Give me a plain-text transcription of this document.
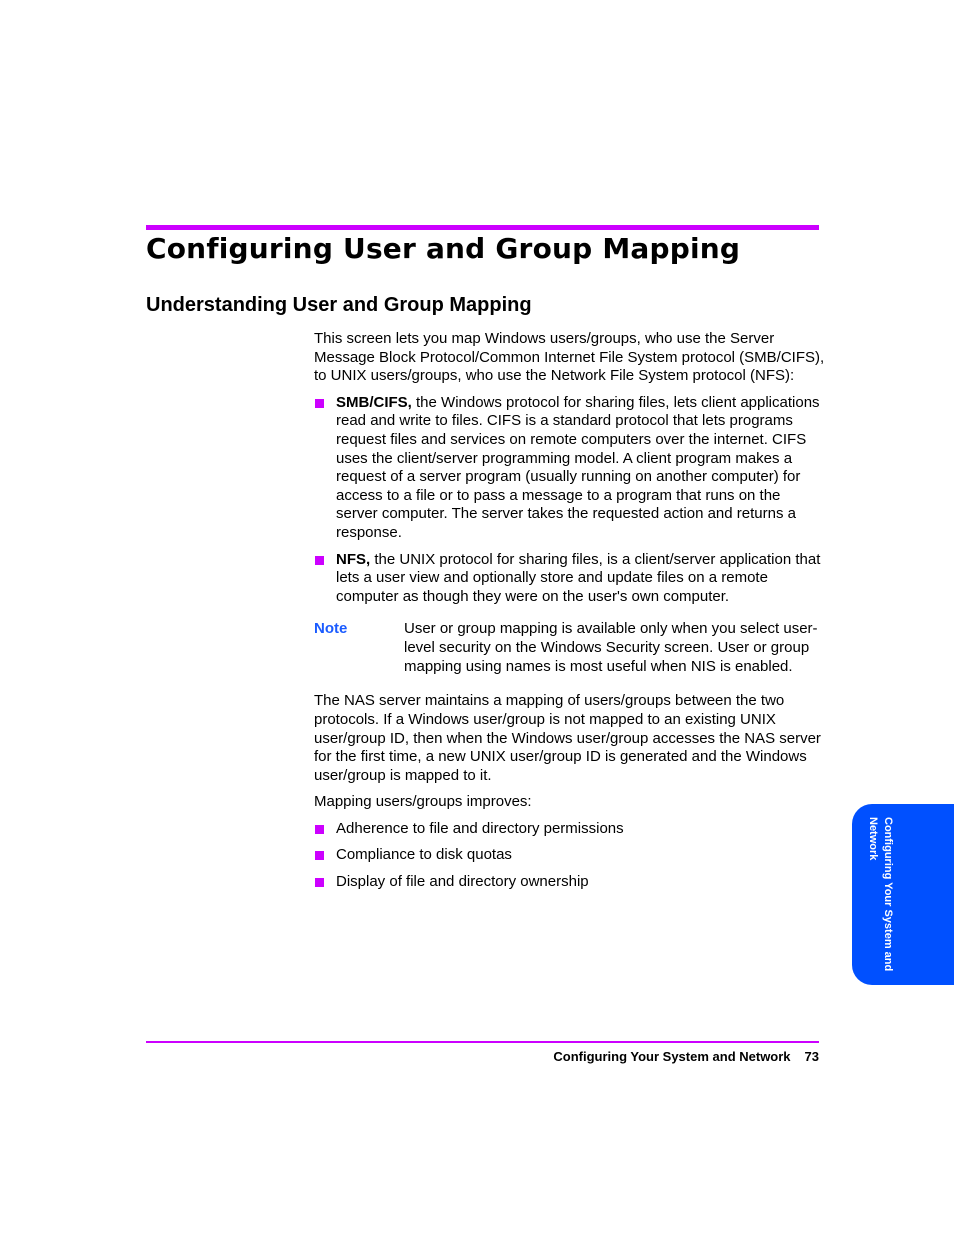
Configuring User and Group Mapping
Understanding User and Group Mapping

This screen lets you map Windows users/groups, who use the Server Message Block Protocol/Common Internet File System protocol (SMB/CIFS), to UNIX users/groups, who use the Network File System protocol (NFS):

SMB/CIFS, the Windows protocol for sharing files, lets client applications read and write to files. CIFS is a standard protocol that lets programs request files and services on remote computers over the internet. CIFS uses the client/server programming model. A client program makes a request of a server program (usually running on another computer) for access to a file or to pass a message to a program that runs on the server computer. The server takes the requested action and returns a response.
NFS, the UNIX protocol for sharing files, is a client/server application that lets a user view and optionally store and update files on a remote computer as though they were on the user's own computer.
Note	User or group mapping is available only when you select user-level security on the Windows Security screen. User or group mapping using names is most useful when NIS is enabled.

The NAS server maintains a mapping of users/groups between the two protocols. If a Windows user/group is not mapped to an existing UNIX user/group ID, then when the Windows user/group accesses the NAS server for the first time, a new UNIX user/group ID is generated and the Windows user/group is mapped to it.

Mapping users/groups improves:

Adherence to file and directory permissions
Compliance to disk quotas
Display of file and directory ownership	Configuring Your System and Network
Configuring Your System and Network 73
